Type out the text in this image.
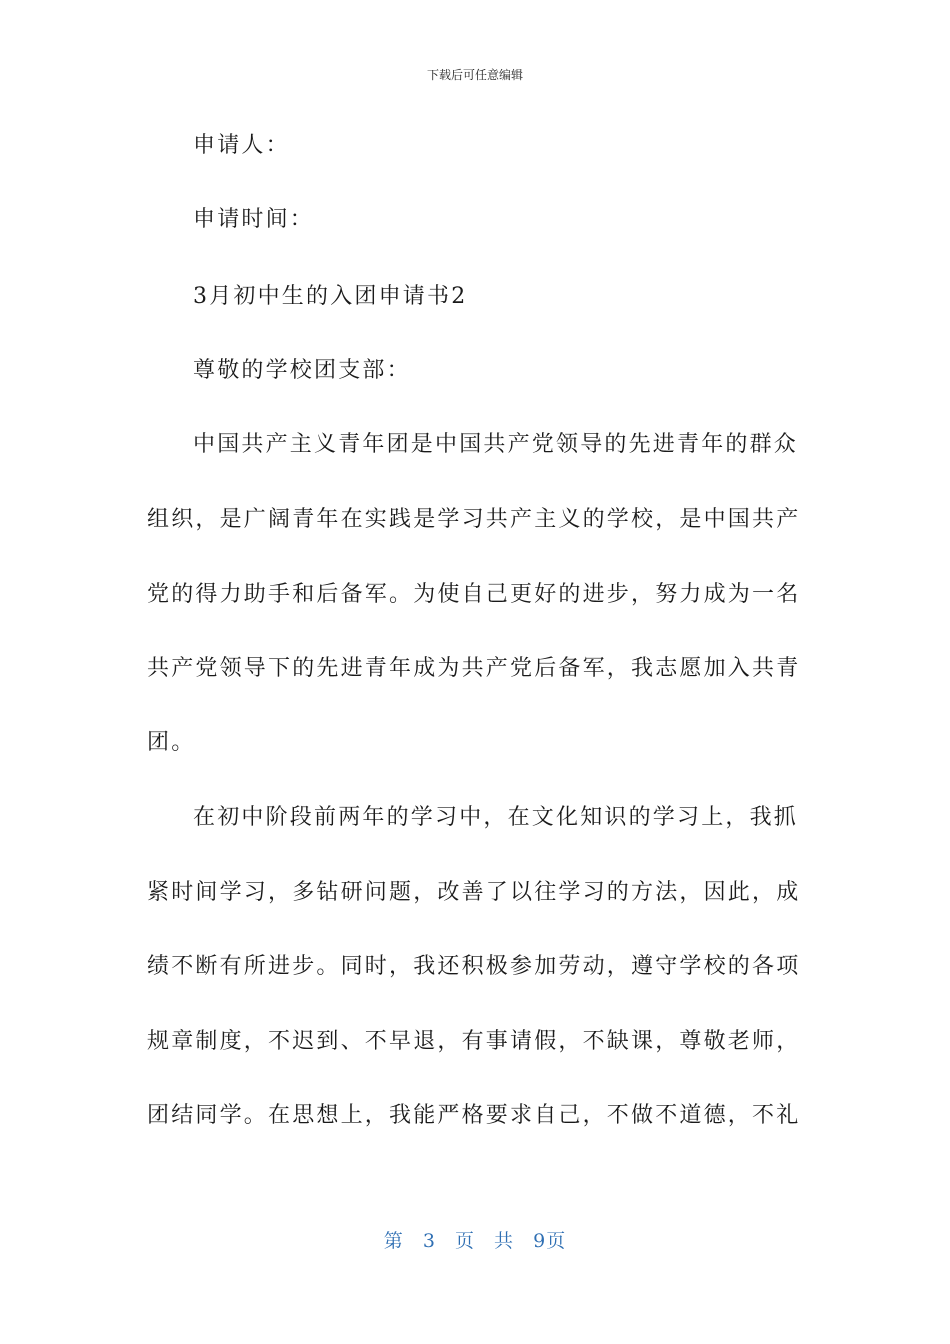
下载后可任意编辑
申请人：
申请时间：
3月初中生的入团申请书2
尊敬的学校团支部：
中国共产主义青年团是中国共产党领导的先进青年的群众
组织，是广阔青年在实践是学习共产主义的学校，是中国共产
党的得力助手和后备军。为使自己更好的进步，努力成为一名
共产党领导下的先进青年成为共产党后备军，我志愿加入共青
团。
在初中阶段前两年的学习中，在文化知识的学习上，我抓
紧时间学习，多钻研问题，改善了以往学习的方法，因此，成
绩不断有所进步。同时，我还积极参加劳动，遵守学校的各项
规章制度，不迟到、不早退，有事请假，不缺课，尊敬老师，
团结同学。在思想上，我能严格要求自己，不做不道德，不礼
第 3 页 共 9页
